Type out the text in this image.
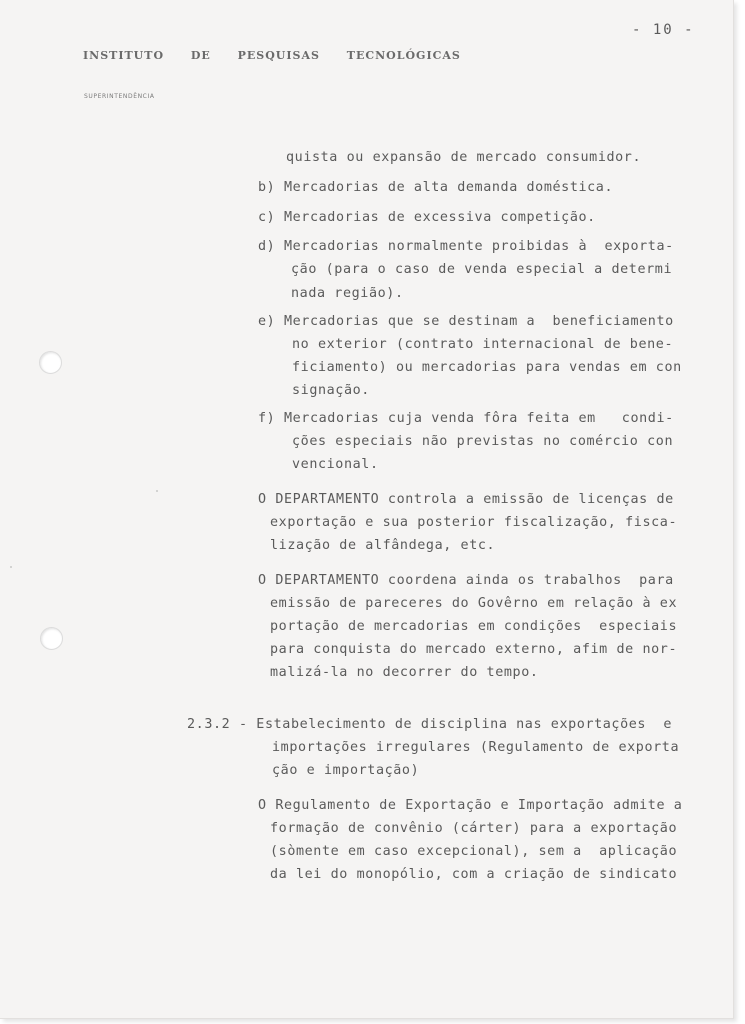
- 10 -
INSTITUTO DE PESQUISAS TECNOLÓGICAS
SUPERINTENDÊNCIA
quista ou expansão de mercado consumidor.
b) Mercadorias de alta demanda doméstica.
c) Mercadorias de excessiva competição.
d) Mercadorias normalmente proibidas à  exporta-
ção (para o caso de venda especial a determi
nada região).
e) Mercadorias que se destinam a  beneficiamento
no exterior (contrato internacional de bene-
ficiamento) ou mercadorias para vendas em con
signação.
f) Mercadorias cuja venda fôra feita em   condi-
ções especiais não previstas no comércio con
vencional.
O DEPARTAMENTO controla a emissão de licenças de
exportação e sua posterior fiscalização, fisca-
lização de alfândega, etc.
O DEPARTAMENTO coordena ainda os trabalhos  para
emissão de pareceres do Govêrno em relação à ex
portação de mercadorias em condições  especiais
para conquista do mercado externo, afim de nor-
malizá-la no decorrer do tempo.
2.3.2 - Estabelecimento de disciplina nas exportações  e
importações irregulares (Regulamento de exporta
ção e importação)
O Regulamento de Exportação e Importação admite a
formação de convênio (cárter) para a exportação
(sòmente em caso excepcional), sem a  aplicação
da lei do monopólio, com a criação de sindicato
